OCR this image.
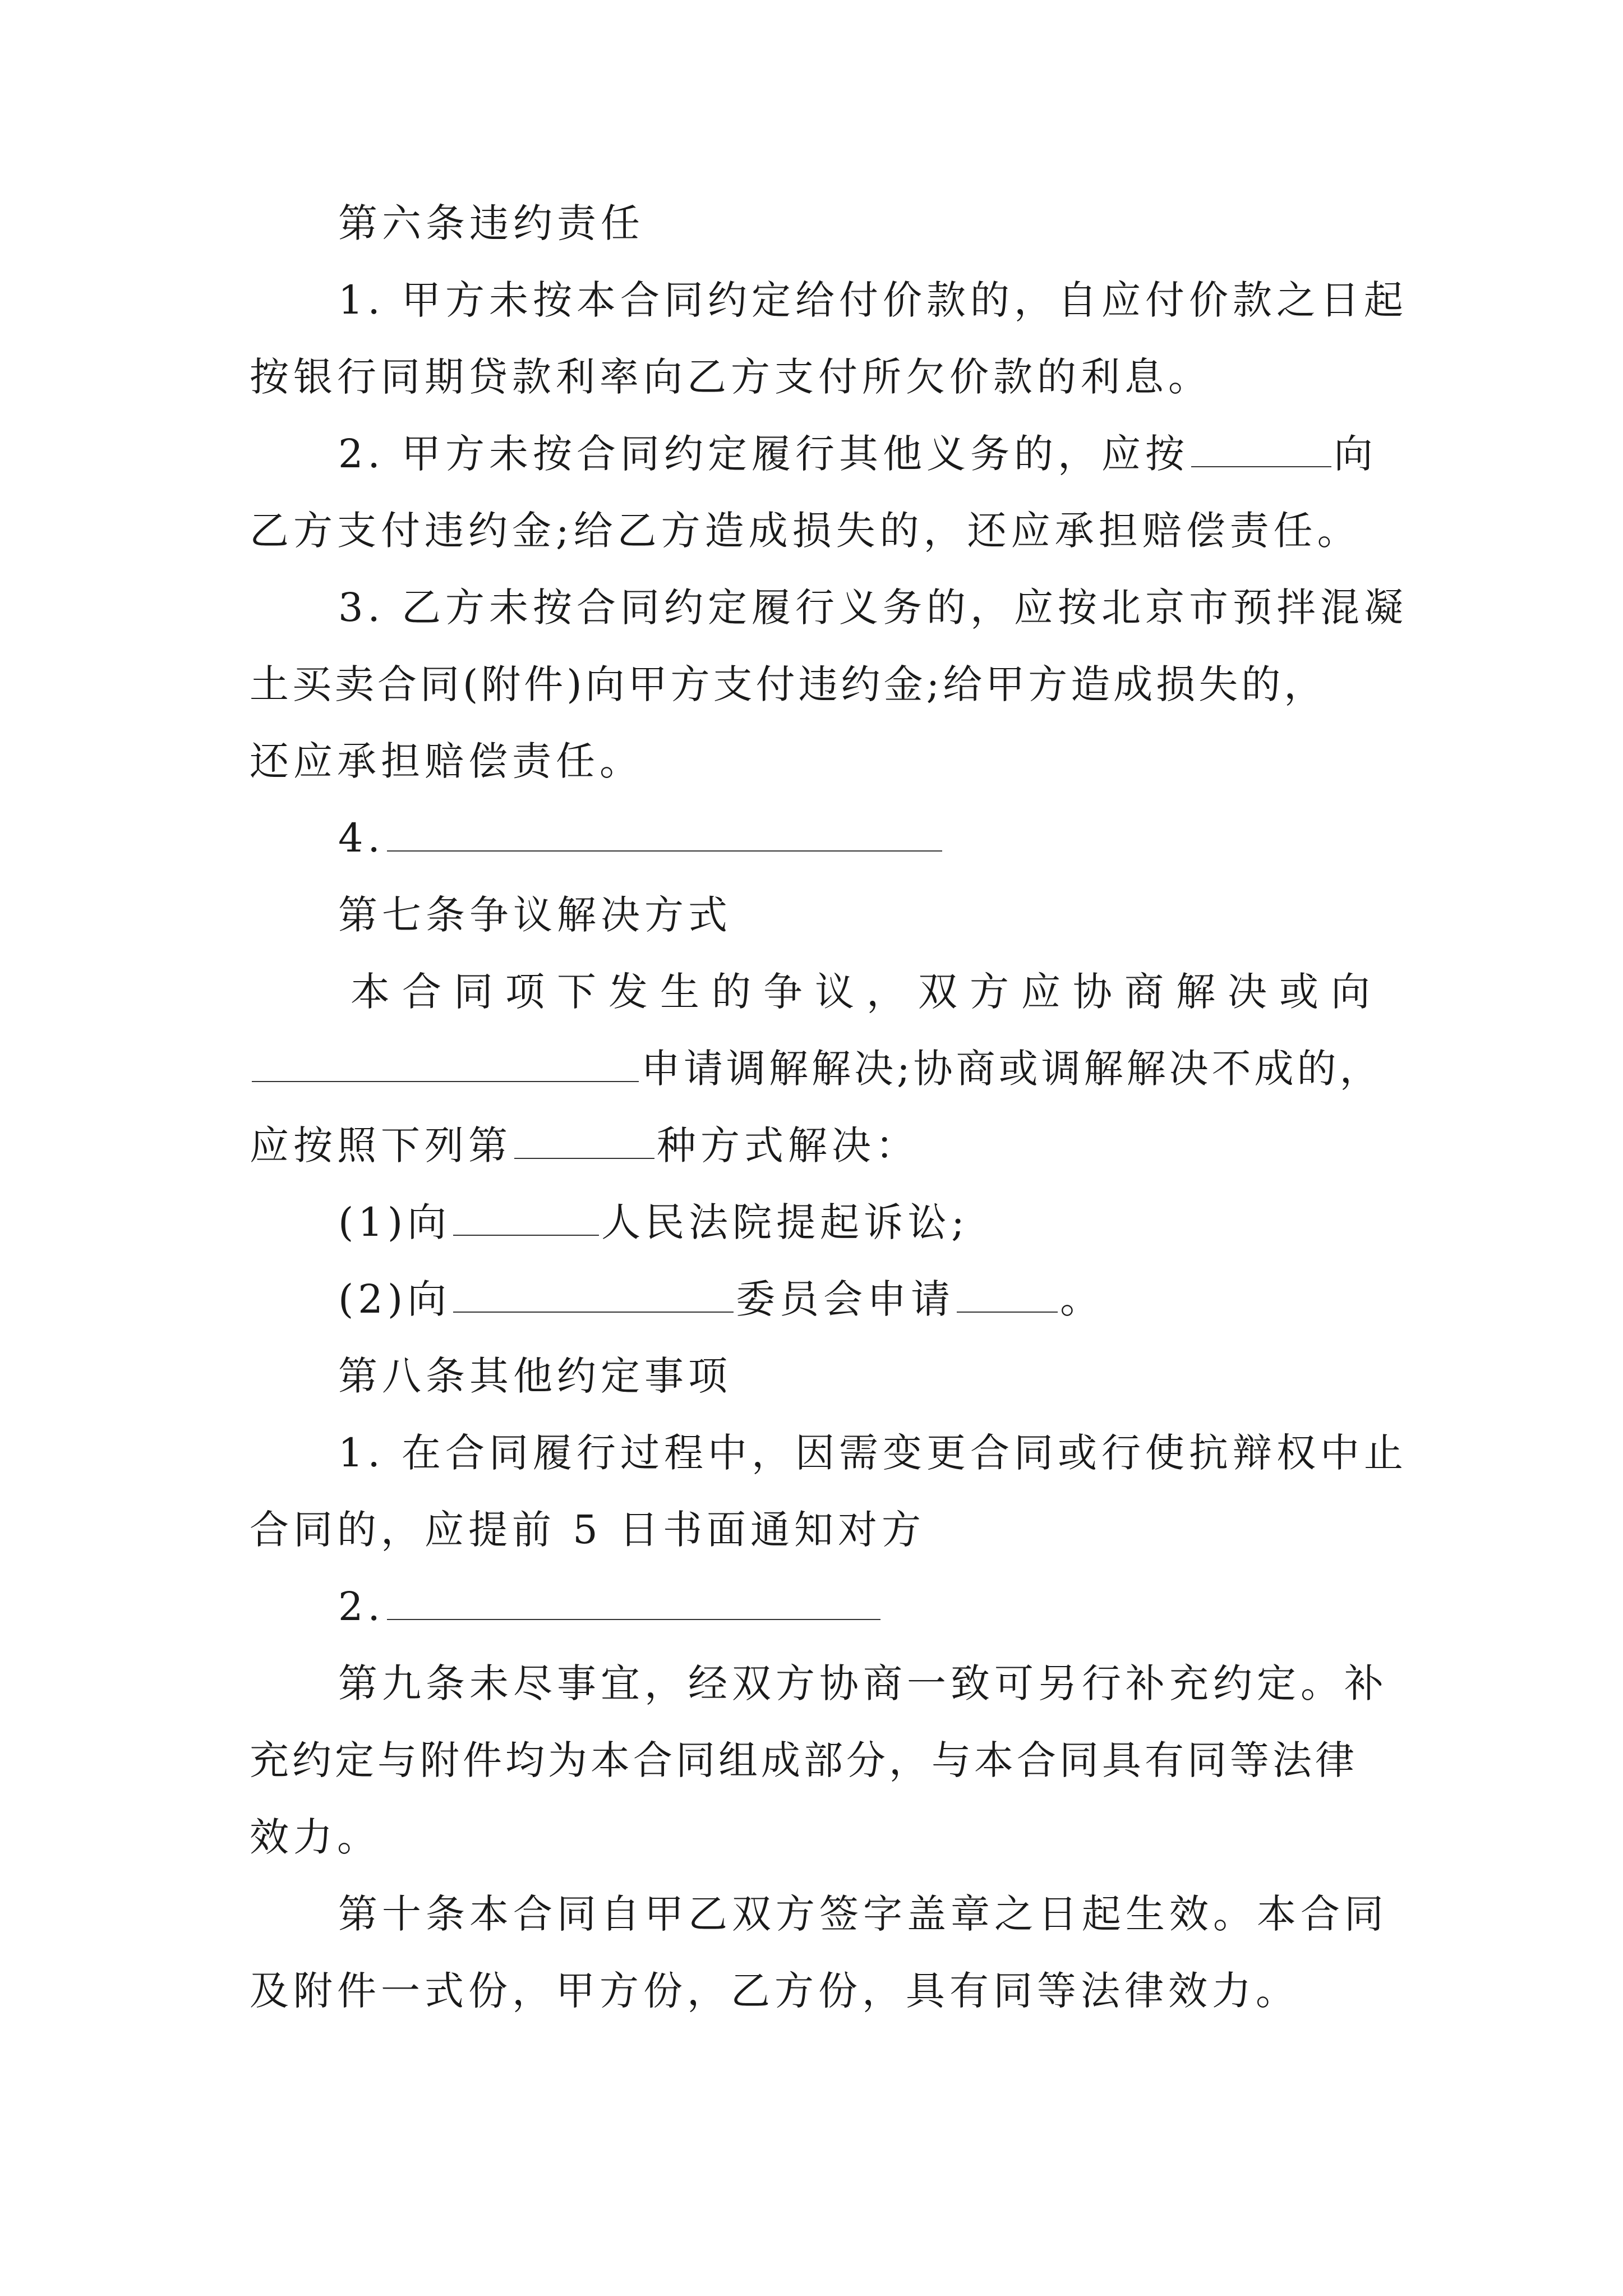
第六条违约责任
1. 甲方未按本合同约定给付价款的，自应付价款之日起
按银行同期贷款利率向乙方支付所欠价款的利息。
2. 甲方未按合同约定履行其他义务的，应按	向
乙方支付违约金;给乙方造成损失的，还应承担赔偿责任。
3. 乙方未按合同约定履行义务的，应按北京市预拌混凝
土买卖合同(附件)向甲方支付违约金;给甲方造成损失的，
还应承担赔偿责任。
4.
第七条争议解决方式
本合同项下发生的争议，双方应协商解决或向
申请调解解决;协商或调解解决不成的，
应按照下列第	种方式解决：
(1)向	人民法院提起诉讼;
(2)向	委员会申请	。
第八条其他约定事项
1. 在合同履行过程中，因需变更合同或行使抗辩权中止
合同的，应提前 5 日书面通知对方
2.
第九条未尽事宜，经双方协商一致可另行补充约定。补
充约定与附件均为本合同组成部分，与本合同具有同等法律
效力。
第十条本合同自甲乙双方签字盖章之日起生效。本合同
及附件一式份，甲方份，乙方份，具有同等法律效力。
